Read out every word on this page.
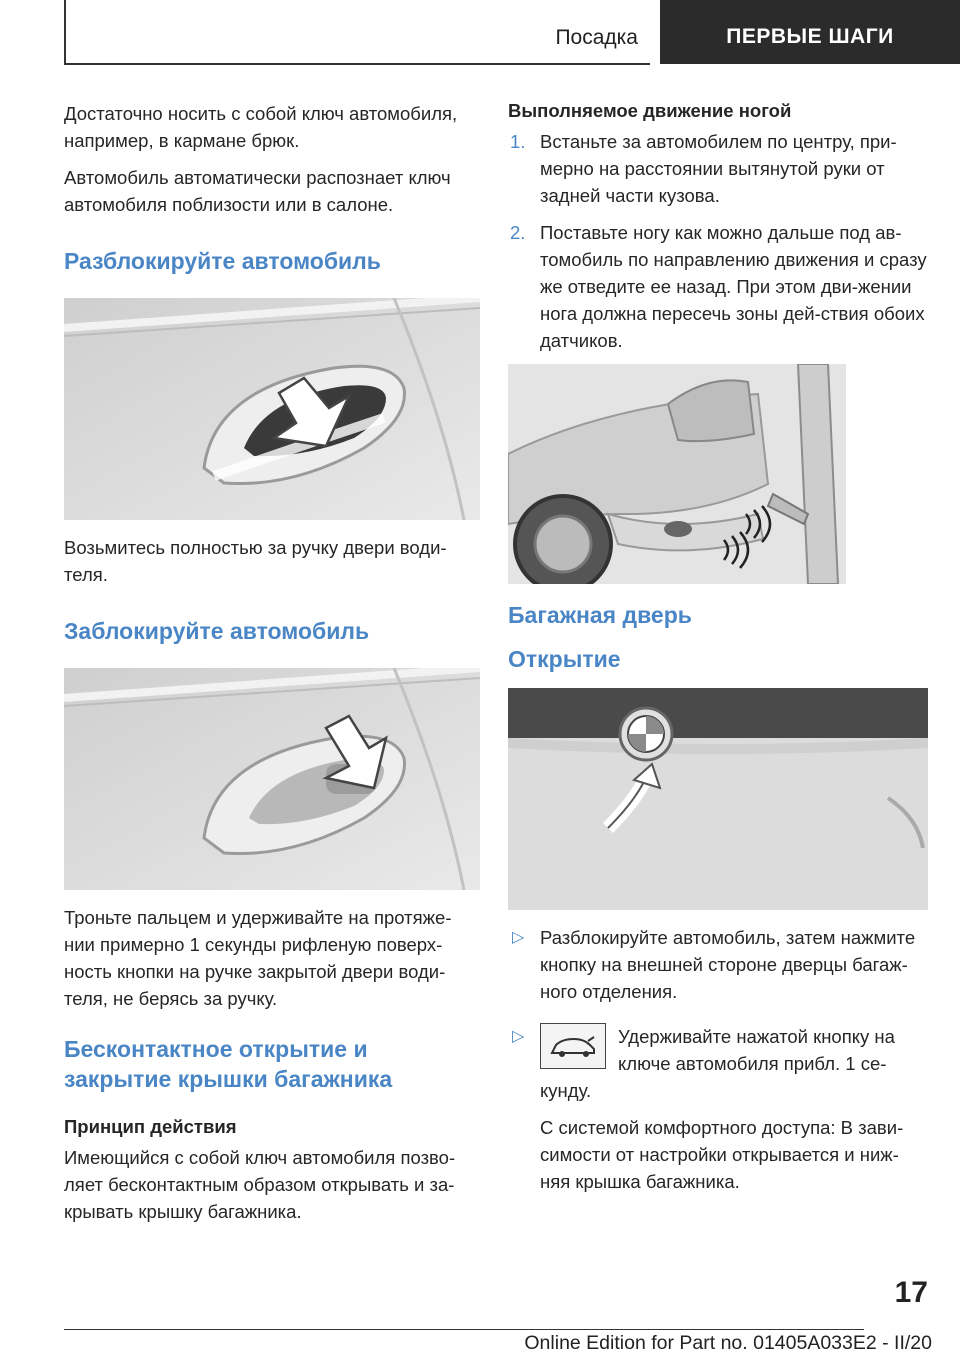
Посадка	ПЕРВЫЕ ШАГИ

Достаточно носить с собой ключ автомобиля, например, в кармане брюк.

Автомобиль автоматически распознает ключ автомобиля поблизости или в салоне.

Разблокируйте автомобиль

Возьмитесь полностью за ручку двери води-теля.

Заблокируйте автомобиль

Троньте пальцем и удерживайте на протяже-нии примерно 1 секунды рифленую поверх-ность кнопки на ручке закрытой двери води-теля, не берясь за ручку.

Бесконтактное открытие и закрытие крышки багажника
Принцип действия

Имеющийся с собой ключ автомобиля позво-ляет бесконтактным образом открывать и за-крывать крышку багажника.

Выполняемое движение ногой
1. Встаньте за автомобилем по центру, при-мерно на расстоянии вытянутой руки от задней части кузова.
2. Поставьте ногу как можно дальше под ав-томобиль по направлению движения и сразу же отведите ее назад. При этом дви-жении нога должна пересечь зоны дей-ствия обоих датчиков.
Багажная дверь
Открытие
▷ Разблокируйте автомобиль, затем нажмите кнопку на внешней стороне дверцы багаж-ного отделения.
▷	Удерживайте нажатой кнопку на ключе автомобиля прибл. 1 се-
кунду.

С системой комфортного доступа: В зави-симости от настройки открывается и ниж-няя крышка багажника.

17
Online Edition for Part no. 01405A033E2 - II/20
